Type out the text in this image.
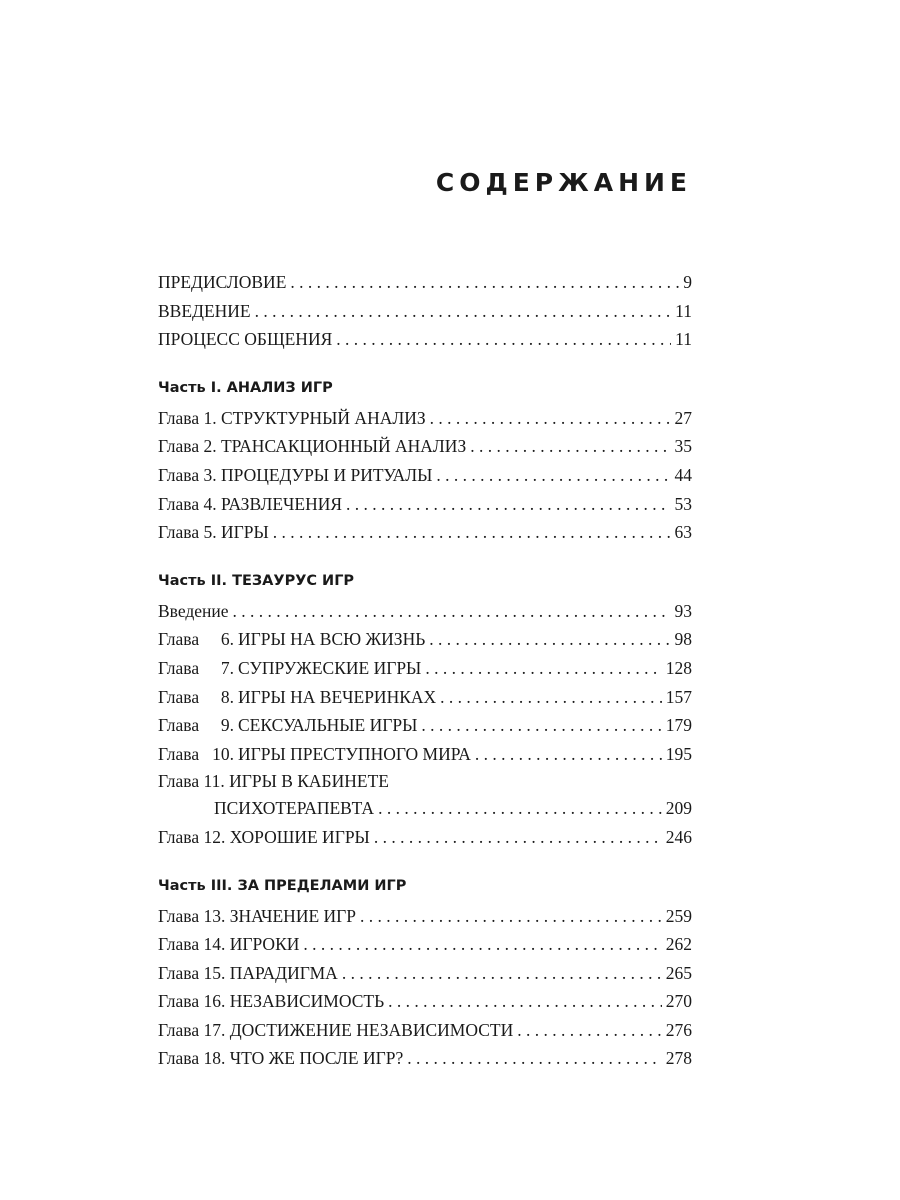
СОДЕРЖАНИЕ
ПРЕДИСЛОВИЕ . . .	9
ВВЕДЕНИЕ . . .	11
ПРОЦЕСС ОБЩЕНИЯ . . .	11
Часть I. АНАЛИЗ ИГР
Глава 1. СТРУКТУРНЫЙ АНАЛИЗ . . .	27
Глава 2. ТРАНСАКЦИОННЫЙ АНАЛИЗ . . .	35
Глава 3. ПРОЦЕДУРЫ И РИТУАЛЫ . . .	44
Глава 4. РАЗВЛЕЧЕНИЯ . . .	53
Глава 5. ИГРЫ . . .	63
Часть II. ТЕЗАУРУС ИГР
Введение . . .	93
Глава 6. ИГРЫ НА ВСЮ ЖИЗНЬ . . .	98
Глава 7. СУПРУЖЕСКИЕ ИГРЫ . . .	128
Глава 8. ИГРЫ НА ВЕЧЕРИНКАХ . . .	157
Глава 9. СЕКСУАЛЬНЫЕ ИГРЫ . . .	179
Глава 10. ИГРЫ ПРЕСТУПНОГО МИРА . . .	195
Глава 11. ИГРЫ В КАБИНЕТЕ
ПСИХОТЕРАПЕВТА . . .	209
Глава 12. ХОРОШИЕ ИГРЫ . . .	246
Часть III. ЗА ПРЕДЕЛАМИ ИГР
Глава 13. ЗНАЧЕНИЕ ИГР . . .	259
Глава 14. ИГРОКИ . . .	262
Глава 15. ПАРАДИГМА . . .	265
Глава 16. НЕЗАВИСИМОСТЬ . . .	270
Глава 17. ДОСТИЖЕНИЕ НЕЗАВИСИМОСТИ . . .	276
Глава 18. ЧТО ЖЕ ПОСЛЕ ИГР? . . .	278
